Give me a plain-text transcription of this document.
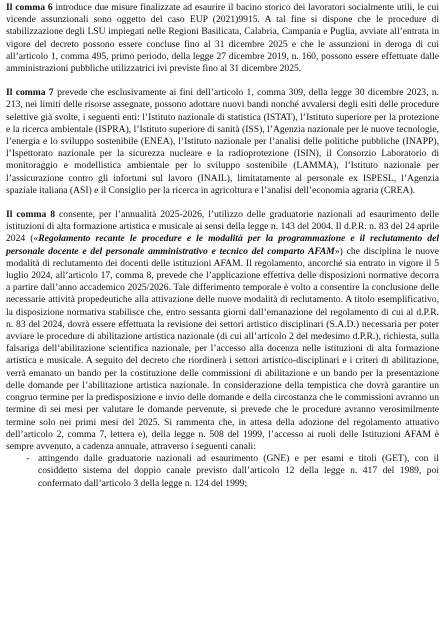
Il comma 6 introduce due misure finalizzate ad esaurire il bacino storico dei lavoratori socialmente utili, le cui vicende assunzionali sono oggetto del caso EUP (2021)9915. A tal fine si dispone che le procedure di stabilizzazione degli LSU impiegati nelle Regioni Basilicata, Calabria, Campania e Puglia, avviate all’entrata in vigore del decreto possono essere concluse fino al 31 dicembre 2025 e che le assunzioni in deroga di cui all’articolo 1, comma 495, primo periodo, della legge 27 dicembre 2019, n. 160, possono essere effettuate dalle amministrazioni pubbliche utilizzatrici ivi previste fino al 31 dicembre 2025.

Il comma 7 prevede che esclusivamente ai fini dell’articolo 1, comma 309, della legge 30 dicembre 2023, n. 213, nei limiti delle risorse assegnate, possono adottare nuovi bandi nonché avvalersi degli esiti delle procedure selettive già svolte, i seguenti enti: l’Istituto nazionale di statistica (ISTAT), l’Istituto superiore per la protezione e la ricerca ambientale (ISPRA), l’Istituto superiore di sanità (ISS), l’Agenzia nazionale per le nuove tecnologie, l’energia e lo sviluppo sostenibile (ENEA), l’Istituto nazionale per l’analisi delle politiche pubbliche (INAPP), l’Ispettorato nazionale per la sicurezza nucleare e la radioprotezione (ISIN), il Consorzio Laboratorio di monitoraggio e modellistica ambientale per lo sviluppo sostenibile (LAMMA), l’Istituto nazionale per l’assicurazione contro gli infortuni sul lavoro (INAIL), limitatamente al personale ex ISPESL, l’Agenzia spaziale italiana (ASI) e il Consiglio per la ricerca in agricoltura e l’analisi dell’economia agraria (CREA).

Il comma 8 consente, per l’annualità 2025-2026, l’utilizzo delle graduatorie nazionali ad esaurimento delle istituzioni di alta formazione artistica e musicale ai sensi della legge n. 143 del 2004. Il d.P.R. n. 83 del 24 aprile 2024 («Regolamento recante le procedure e le modalità per la programmazione e il reclutamento del personale docente e del personale amministrativo e tecnico del comparto AFAM») che disciplina le nuove modalità di reclutamento dei docenti delle istituzioni AFAM. Il regolamento, ancorché sia entrato in vigore il 5 luglio 2024, all’articolo 17, comma 8, prevede che l’applicazione effettiva delle disposizioni normative decorra a partire dall’anno accademico 2025/2026. Tale differimento temporale è volto a consentire la conclusione delle necessarie attività propedeutiche alla attivazione delle nuove modalità di reclutamento. A titolo esemplificativo, la disposizione normativa stabilisce che, entro sessanta giorni dall’emanazione del regolamento di cui al d.P.R. n. 83 del 2024, dovrà essere effettuata la revisione dei settori artistico disciplinari (S.A.D.) necessaria per poter avviare le procedure di abilitazione artistica nazionale (di cui all’articolo 2 del medesimo d.P.R.), richiesta, sulla falsariga dell’abilitazione scientifica nazionale, per l’accesso alla docenza nelle istituzioni di alta formazione artistica e musicale. A seguito del decreto che riordinerà i settori artistico-disciplinari e i criteri di abilitazione, verrà emanato un bando per la costituzione delle commissioni di abilitazione e un bando per la presentazione delle domande per l’abilitazione artistica nazionale. In considerazione della tempistica che dovrà garantire un congruo termine per la predisposizione e invio delle domande e della circostanza che le commissioni avranno un termine di sei mesi per valutare le domande pervenute, si prevede che le procedure avranno verosimilmente termine solo nei primi mesi del 2025. Si rammenta che, in attesa della adozione del regolamento attuativo dell’articolo 2, comma 7, lettera e), della legge n. 508 del 1999, l’accesso ai ruoli delle Istituzioni AFAM è sempre avvenuto, a cadenza annuale, attraverso i seguenti canali:

- attingendo dalle graduatorie nazionali ad esaurimento (GNE) e per esami e titoli (GET), con il cosiddetto sistema del doppio canale previsto dall’articolo 12 della legge n. 417 del 1989, poi confermato dall’articolo 3 della legge n. 124 del 1999;
